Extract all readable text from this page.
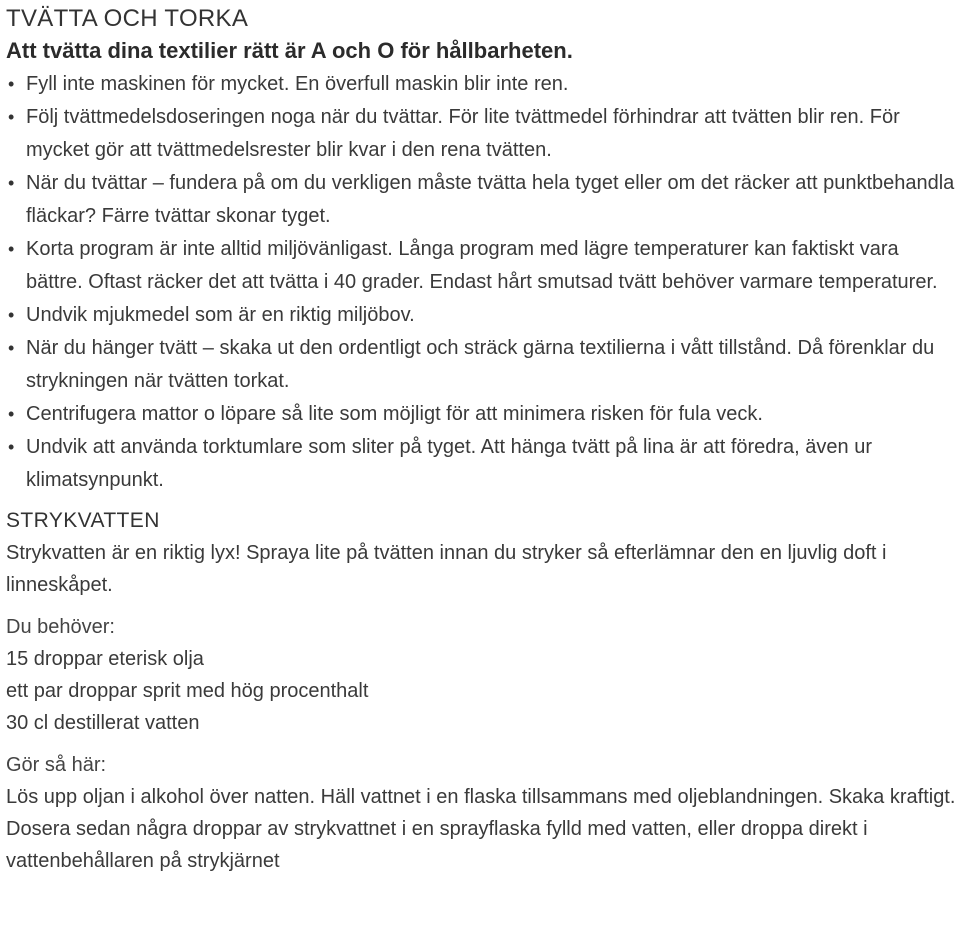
TVÄTTA OCH TORKA

Att tvätta dina textilier rätt är A och O för hållbarheten.

• Fyll inte maskinen för mycket. En överfull maskin blir inte ren.
• Följ tvättmedelsdoseringen noga när du tvättar. För lite tvättmedel förhindrar att tvätten blir ren. För mycket gör att tvättmedelsrester blir kvar i den rena tvätten.
• När du tvättar – fundera på om du verkligen måste tvätta hela tyget eller om det räcker att punktbehandla fläckar? Färre tvättar skonar tyget.
• Korta program är inte alltid miljövänligast. Långa program med lägre temperaturer kan faktiskt vara bättre. Oftast räcker det att tvätta i 40 grader. Endast hårt smutsad tvätt behöver varmare temperaturer.
• Undvik mjukmedel som är en riktig miljöbov.
• När du hänger tvätt – skaka ut den ordentligt och sträck gärna textilierna i vått tillstånd. Då förenklar du strykningen när tvätten torkat.
• Centrifugera mattor o löpare så lite som möjligt för att minimera risken för fula veck.
• Undvik att använda torktumlare som sliter på tyget. Att hänga tvätt på lina är att föredra, även ur klimatsynpunkt.
STRYKVATTEN

Strykvatten är en riktig lyx! Spraya lite på tvätten innan du stryker så efterlämnar den en ljuvlig doft i linneskåpet.

Du behöver:

15 droppar eterisk olja

ett par droppar sprit med hög procenthalt

30 cl destillerat vatten

Gör så här:

Lös upp oljan i alkohol över natten. Häll vattnet i en flaska tillsammans med oljeblandningen. Skaka kraftigt. Dosera sedan några droppar av strykvattnet i en sprayflaska fylld med vatten, eller droppa direkt i vattenbehållaren på strykjärnet
